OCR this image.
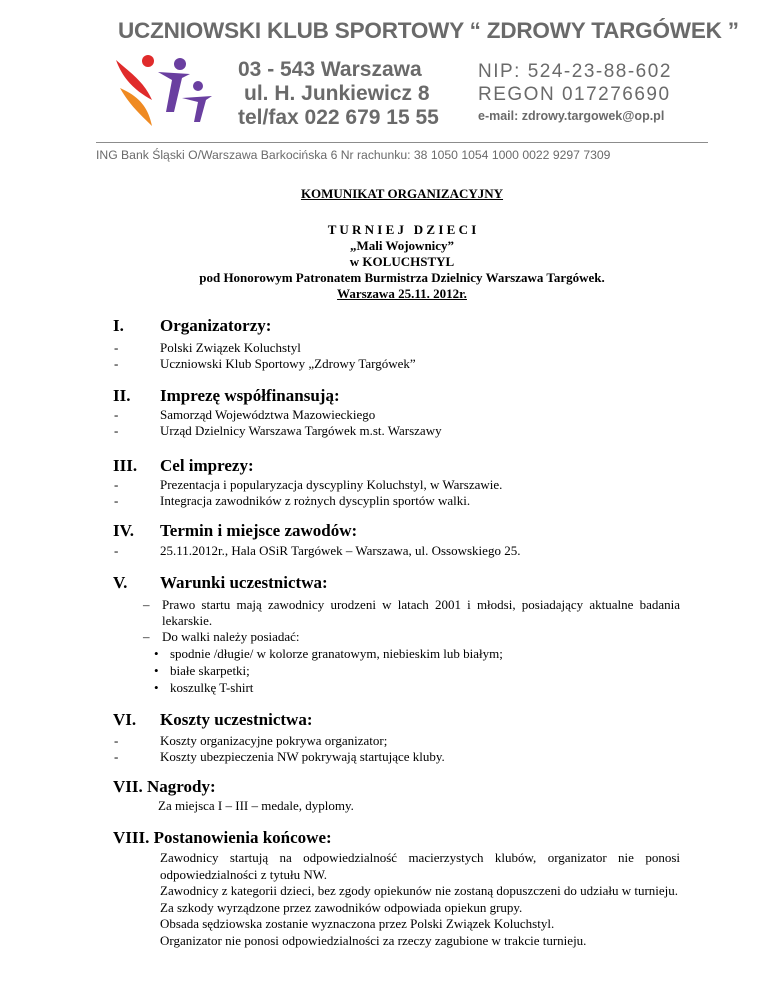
UCZNIOWSKI KLUB SPORTOWY “ ZDROWY TARGÓWEK ”
03 - 543 Warszawa
ul. H. Junkiewicz 8
tel/fax 022 679 15 55
NIP: 524-23-88-602
REGON 017276690
e-mail: zdrowy.targowek@op.pl
ING Bank Śląski O/Warszawa Barkocińska 6 Nr rachunku: 38 1050 1054 1000 0022 9297 7309
KOMUNIKAT ORGANIZACYJNY
T U R N I E J   D Z I E C I
„Mali Wojownicy”
w KOLUCHSTYL
pod Honorowym Patronatem Burmistrza Dzielnicy Warszawa Targówek.
Warszawa 25.11. 2012r.
I. Organizatorzy:
-	Polski Związek Koluchstyl
-	Uczniowski Klub Sportowy „Zdrowy Targówek”
II. Imprezę współfinansują:
-	Samorząd Województwa Mazowieckiego
-	Urząd Dzielnicy Warszawa Targówek m.st. Warszawy
III. Cel imprezy:
-	Prezentacja i popularyzacja dyscypliny Koluchstyl, w Warszawie.
-	Integracja zawodników z rożnych dyscyplin sportów walki.
IV. Termin i miejsce zawodów:
-	25.11.2012r., Hala OSiR Targówek – Warszawa, ul. Ossowskiego 25.
V. Warunki uczestnictwa:
– Prawo startu mają zawodnicy urodzeni w latach 2001 i młodsi, posiadający aktualne badania lekarskie.
– Do walki należy posiadać:
• spodnie /długie/ w kolorze granatowym, niebieskim lub białym;
• białe skarpetki;
• koszulkę T-shirt
VI. Koszty uczestnictwa:
-	Koszty organizacyjne pokrywa organizator;
-	Koszty ubezpieczenia NW pokrywają startujące kluby.
VII. Nagrody:
Za miejsca I – III – medale, dyplomy.
VIII. Postanowienia końcowe:
Zawodnicy startują na odpowiedzialność macierzystych klubów, organizator nie ponosi odpowiedzialności z tytułu NW.
Zawodnicy z kategorii dzieci, bez zgody opiekunów nie zostaną dopuszczeni do udziału w turnieju.
Za szkody wyrządzone przez zawodników odpowiada opiekun grupy.
Obsada sędziowska zostanie wyznaczona przez Polski Związek Koluchstyl.
Organizator nie ponosi odpowiedzialności za rzeczy zagubione w trakcie turnieju.
